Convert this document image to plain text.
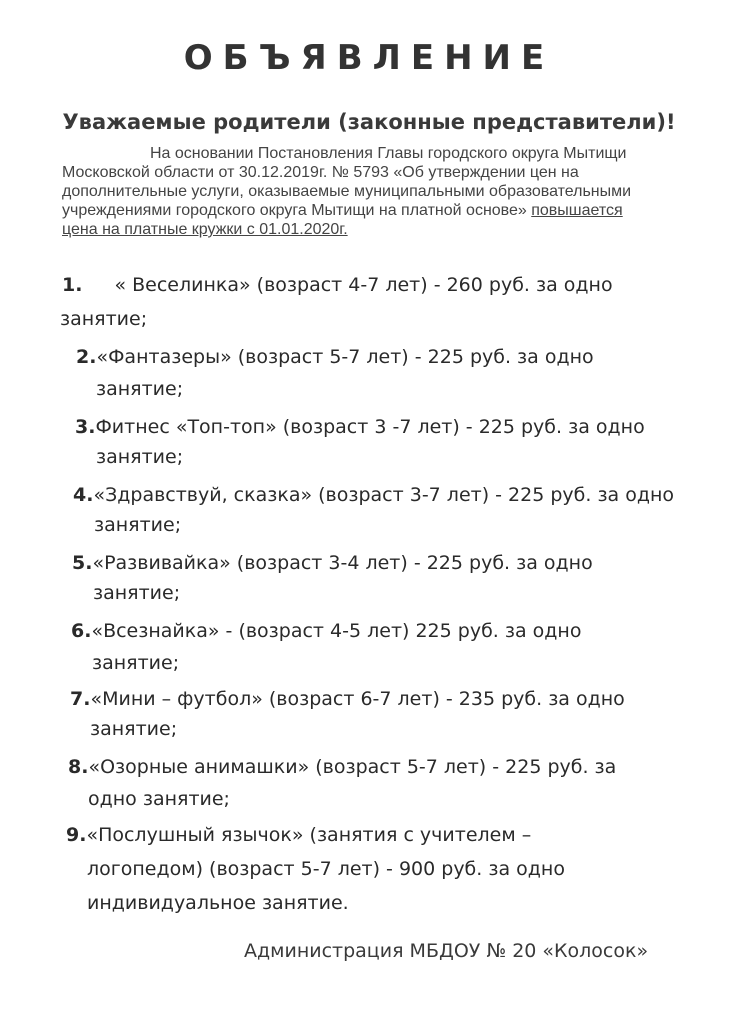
ОБЪЯВЛЕНИЕ
Уважаемые родители (законные представители)!
На основании Постановления Главы городского округа Мытищи
Московской области от 30.12.2019г. № 5793 «Об утверждении цен на
дополнительные услуги, оказываемые муниципальными образовательными
учреждениями городского округа Мытищи на платной основе» повышается
цена на платные кружки с 01.01.2020г.
1. « Веселинка» (возраст 4-7 лет) - 260 руб. за одно
занятие;
2.«Фантазеры» (возраст 5-7 лет) - 225 руб. за одно
занятие;
3.Фитнес «Топ-топ» (возраст 3 -7 лет) - 225 руб. за одно
занятие;
4.«Здравствуй, сказка» (возраст 3-7 лет) - 225 руб. за одно
занятие;
5.«Развивайка» (возраст 3-4 лет) - 225 руб. за одно
занятие;
6.«Всезнайка» - (возраст 4-5 лет) 225 руб. за одно
занятие;
7.«Мини – футбол» (возраст 6-7 лет) - 235 руб. за одно
занятие;
8.«Озорные анимашки» (возраст 5-7 лет) - 225 руб. за
одно занятие;
9.«Послушный язычок» (занятия с учителем –
логопедом) (возраст 5-7 лет) - 900 руб. за одно
индивидуальное занятие.
Администрация МБДОУ № 20 «Колосок»
